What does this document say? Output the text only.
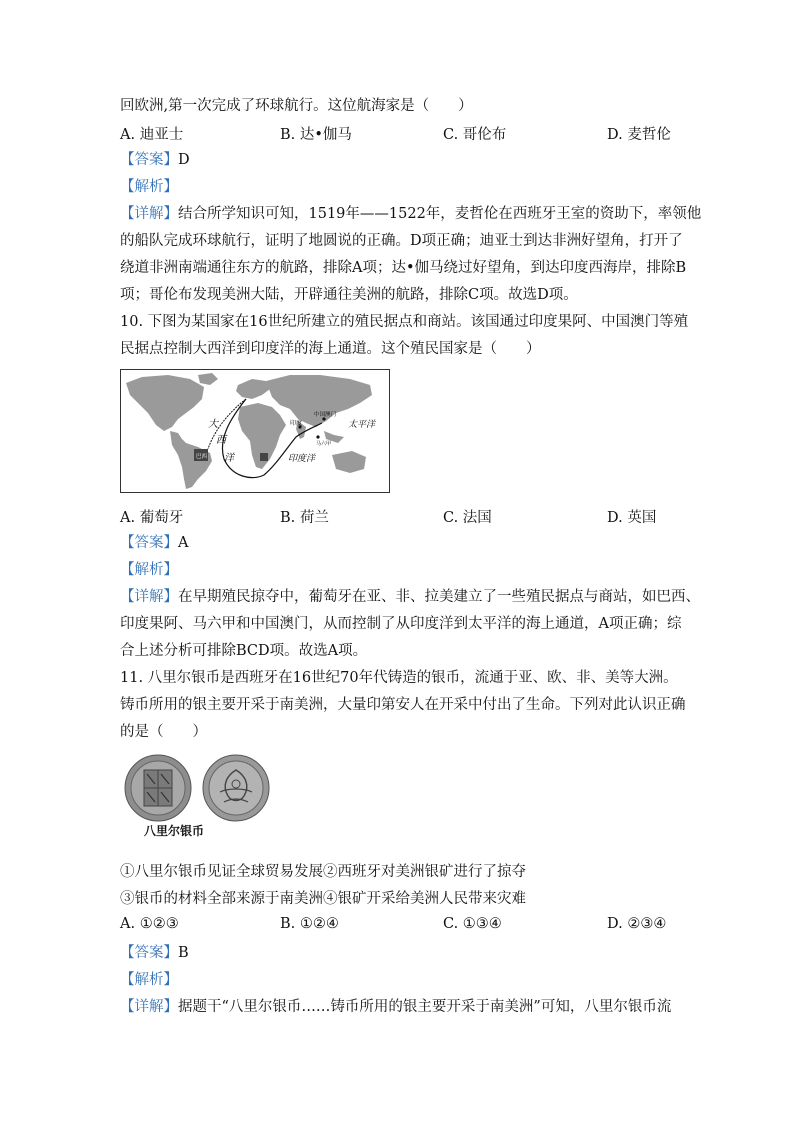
回欧洲,第一次完成了环球航行。这位航海家是（　　）
A. 迪亚士	B. 达•伽马	C. 哥伦布	D. 麦哲伦
【答案】D
【解析】
【详解】结合所学知识可知，1519年——1522年，麦哲伦在西班牙王室的资助下，率领他
的船队完成环球航行，证明了地圆说的正确。D项正确；迪亚士到达非洲好望角，打开了
绕道非洲南端通往东方的航路，排除A项；达•伽马绕过好望角，到达印度西海岸，排除B
项；哥伦布发现美洲大陆，开辟通往美洲的航路，排除C项。故选D项。
10. 下图为某国家在16世纪所建立的殖民据点和商站。该国通过印度果阿、中国澳门等殖
民据点控制大西洋到印度洋的海上通道。这个殖民国家是（　　）
大
西
洋
太平洋
印度洋
中国澳门
印度
马六甲
巴西
A. 葡萄牙	B. 荷兰	C. 法国	D. 英国
【答案】A
【解析】
【详解】在早期殖民掠夺中，葡萄牙在亚、非、拉美建立了一些殖民据点与商站，如巴西、
印度果阿、马六甲和中国澳门，从而控制了从印度洋到太平洋的海上通道，A项正确；综
合上述分析可排除BCD项。故选A项。
11. 八里尔银币是西班牙在16世纪70年代铸造的银币，流通于亚、欧、非、美等大洲。
铸币所用的银主要开采于南美洲，大量印第安人在开采中付出了生命。下列对此认识正确
的是（　　）
八里尔银币
①八里尔银币见证全球贸易发展②西班牙对美洲银矿进行了掠夺
③银币的材料全部来源于南美洲④银矿开采给美洲人民带来灾难
A. ①②③	B. ①②④	C. ①③④	D. ②③④
【答案】B
【解析】
【详解】据题干“八里尔银币……铸币所用的银主要开采于南美洲”可知，八里尔银币流
